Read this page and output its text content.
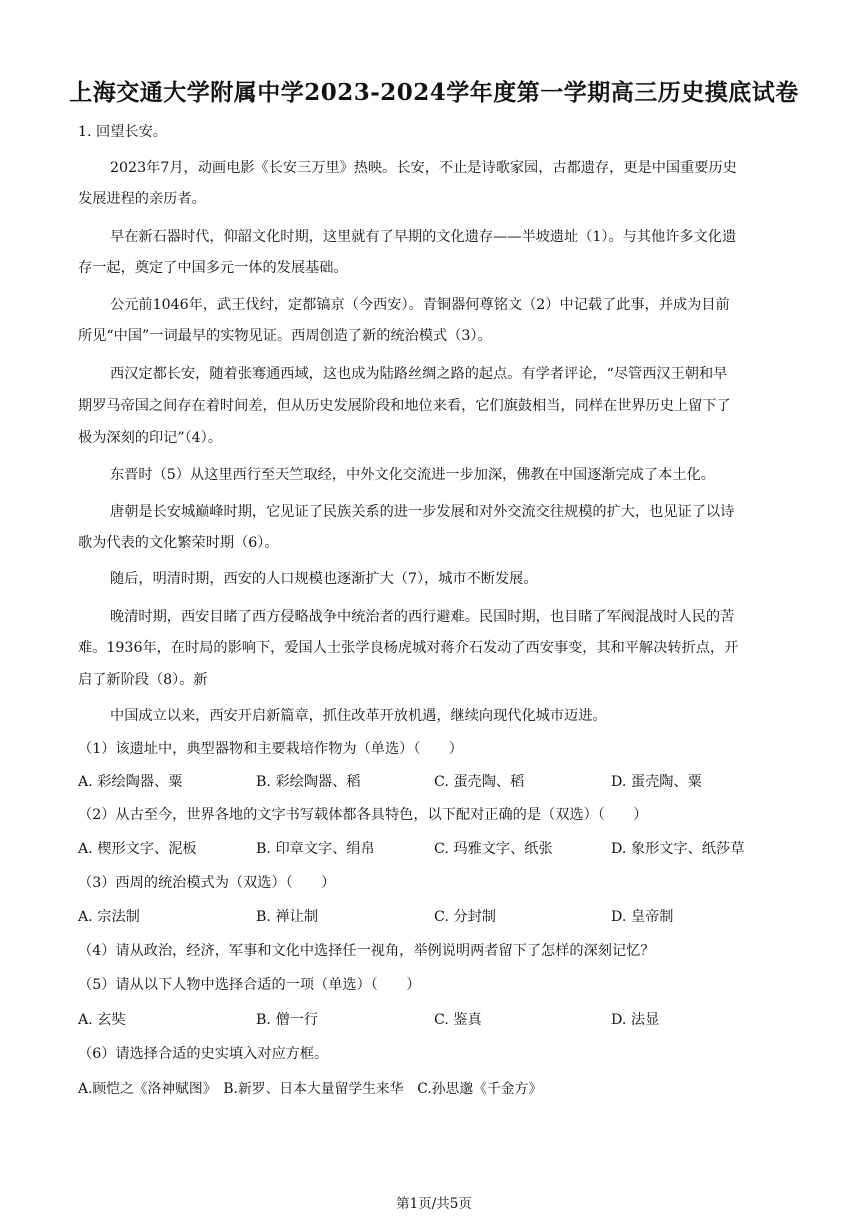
上海交通大学附属中学2023-2024学年度第一学期高三历史摸底试卷
1. 回望长安。
2023年7月，动画电影《长安三万里》热映。长安，不止是诗歌家园，古都遗存，更是中国重要历史
发展进程的亲历者。
早在新石器时代，仰韶文化时期，这里就有了早期的文化遗存——半坡遗址（1）。与其他许多文化遗
存一起，奠定了中国多元一体的发展基础。
公元前1046年，武王伐纣，定都镐京（今西安）。青铜器何尊铭文（2）中记载了此事，并成为目前
所见“中国”一词最早的实物见证。西周创造了新的统治模式（3）。
西汉定都长安，随着张骞通西域，这也成为陆路丝绸之路的起点。有学者评论，“尽管西汉王朝和早
期罗马帝国之间存在着时间差，但从历史发展阶段和地位来看，它们旗鼓相当，同样在世界历史上留下了
极为深刻的印记”（4）。
东晋时（5）从这里西行至天竺取经，中外文化交流进一步加深，佛教在中国逐渐完成了本土化。
唐朝是长安城巅峰时期，它见证了民族关系的进一步发展和对外交流交往规模的扩大，也见证了以诗
歌为代表的文化繁荣时期（6）。
随后，明清时期，西安的人口规模也逐渐扩大（7），城市不断发展。
晚清时期，西安目睹了西方侵略战争中统治者的西行避难。民国时期，也目睹了军阀混战时人民的苦
难。1936年，在时局的影响下，爱国人士张学良杨虎城对蒋介石发动了西安事变，其和平解决转折点，开
启了新阶段（8）。新
中国成立以来，西安开启新篇章，抓住改革开放机遇，继续向现代化城市迈进。
（1）该遗址中，典型器物和主要栽培作物为（单选）（　　）
A. 彩绘陶器、粟	B. 彩绘陶器、稻	C. 蛋壳陶、稻	D. 蛋壳陶、粟
（2）从古至今，世界各地的文字书写载体都各具特色，以下配对正确的是（双选）（　　）
A. 楔形文字、泥板	B. 印章文字、绢帛	C. 玛雅文字、纸张	D. 象形文字、纸莎草
（3）西周的统治模式为（双选）（　　）
A. 宗法制	B. 禅让制	C. 分封制	D. 皇帝制
（4）请从政治，经济，军事和文化中选择任一视角，举例说明两者留下了怎样的深刻记忆？
（5）请从以下人物中选择合适的一项（单选）（　　）
A. 玄奘	B. 僧一行	C. 鉴真	D. 法显
（6）请选择合适的史实填入对应方框。
A.顾恺之《洛神赋图》　B.新罗、日本大量留学生来华　C.孙思邈《千金方》
第1页/共5页
